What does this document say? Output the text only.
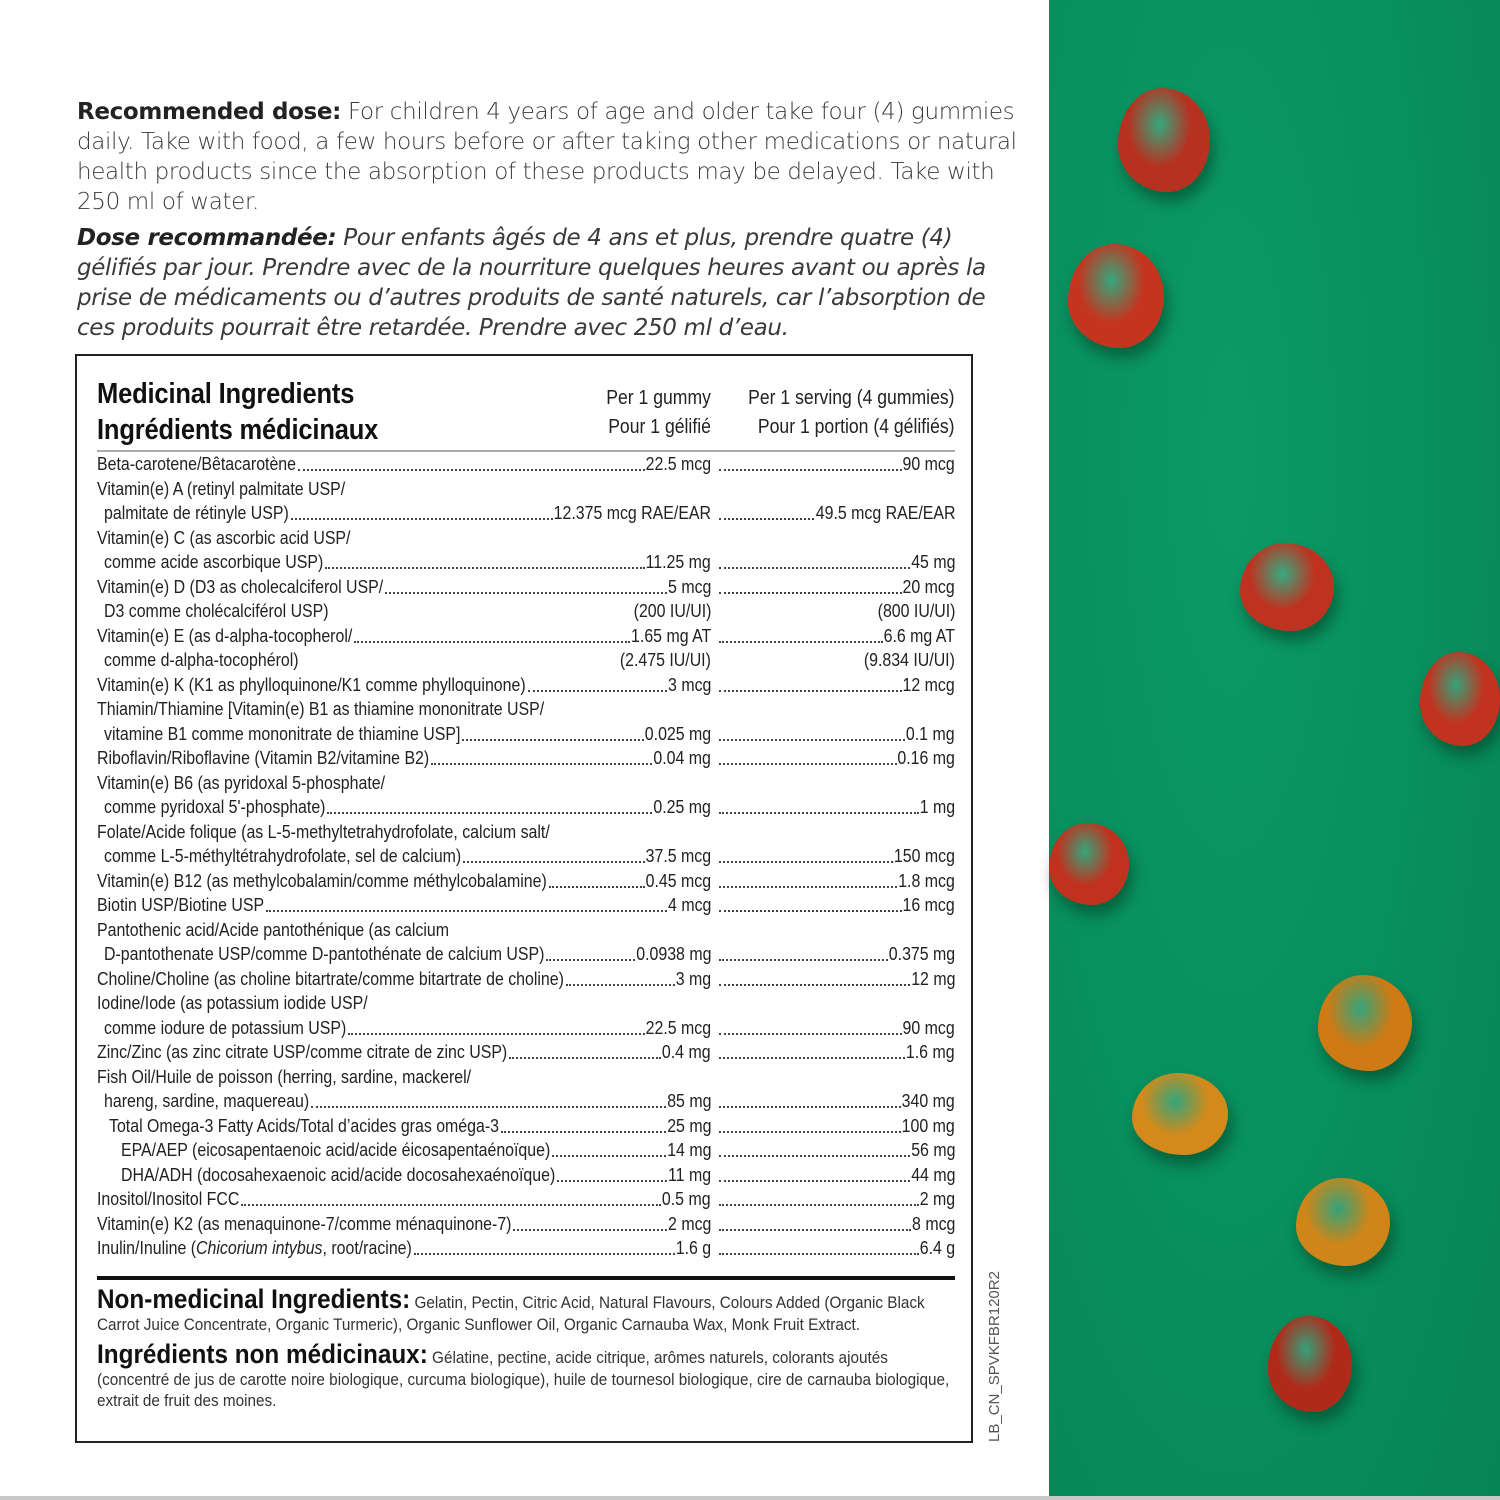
Recommended dose: For children 4 years of age and older take four (4) gummies daily. Take with food, a few hours before or after taking other medications or natural health products since the absorption of these products may be delayed. Take with 250 ml of water.

Dose recommandée: Pour enfants âgés de 4 ans et plus, prendre quatre (4) gélifiés par jour. Prendre avec de la nourriture quelques heures avant ou après la prise de médicaments ou d’autres produits de santé naturels, car l’absorption de ces produits pourrait être retardée. Prendre avec 250 ml d’eau.

Medicinal Ingredients
Ingrédients médicinaux
Per 1 gummy
Pour 1 gélifié
Per 1 serving (4 gummies)
Pour 1 portion (4 gélifiés)
Beta-carotene/Bêtacarotène	22.5 mcg	90 mcg
Vitamin(e) A (retinyl palmitate USP/
palmitate de rétinyle USP)	12.375 mcg RAE/EAR	49.5 mcg RAE/EAR
Vitamin(e) C (as ascorbic acid USP/
comme acide ascorbique USP)	11.25 mg	45 mg
Vitamin(e) D (D3 as cholecalciferol USP/	5 mcg	20 mcg
D3 comme cholécalciférol USP)	(200 IU/UI)	(800 IU/UI)
Vitamin(e) E (as d-alpha-tocopherol/	1.65 mg AT	6.6 mg AT
comme d-alpha-tocophérol)	(2.475 IU/UI)	(9.834 IU/UI)
Vitamin(e) K (K1 as phylloquinone/K1 comme phylloquinone)	3 mcg	12 mcg
Thiamin/Thiamine [Vitamin(e) B1 as thiamine mononitrate USP/
vitamine B1 comme mononitrate de thiamine USP]	0.025 mg	0.1 mg
Riboflavin/Riboflavine (Vitamin B2/vitamine B2)	0.04 mg	0.16 mg
Vitamin(e) B6 (as pyridoxal 5-phosphate/
comme pyridoxal 5'-phosphate)	0.25 mg	1 mg
Folate/Acide folique (as L-5-methyltetrahydrofolate, calcium salt/
comme L-5-méthyltétrahydrofolate, sel de calcium)	37.5 mcg	150 mcg
Vitamin(e) B12 (as methylcobalamin/comme méthylcobalamine)	0.45 mcg	1.8 mcg
Biotin USP/Biotine USP	4 mcg	16 mcg
Pantothenic acid/Acide pantothénique (as calcium
D-pantothenate USP/comme D-pantothénate de calcium USP)	0.0938 mg	0.375 mg
Choline/Choline (as choline bitartrate/comme bitartrate de choline)	3 mg	12 mg
Iodine/Iode (as potassium iodide USP/
comme iodure de potassium USP)	22.5 mcg	90 mcg
Zinc/Zinc (as zinc citrate USP/comme citrate de zinc USP)	0.4 mg	1.6 mg
Fish Oil/Huile de poisson (herring, sardine, mackerel/
hareng, sardine, maquereau)	85 mg	340 mg
Total Omega-3 Fatty Acids/Total d’acides gras oméga-3	25 mg	100 mg
EPA/AEP (eicosapentaenoic acid/acide éicosapentaénoïque)	14 mg	56 mg
DHA/ADH (docosahexaenoic acid/acide docosahexaénoïque)	11 mg	44 mg
Inositol/Inositol FCC	0.5 mg	2 mg
Vitamin(e) K2 (as menaquinone-7/comme ménaquinone-7)	2 mcg	8 mcg
Inulin/Inuline (Chicorium intybus, root/racine)	1.6 g	6.4 g

Non-medicinal Ingredients: Gelatin, Pectin, Citric Acid, Natural Flavours, Colours Added (Organic Black Carrot Juice Concentrate, Organic Turmeric), Organic Sunflower Oil, Organic Carnauba Wax, Monk Fruit Extract.

Ingrédients non médicinaux: Gélatine, pectine, acide citrique, arômes naturels, colorants ajoutés (concentré de jus de carotte noire biologique, curcuma biologique), huile de tournesol biologique, cire de carnauba biologique, extrait de fruit des moines.	LB_CN_SPVKFBR120R2
